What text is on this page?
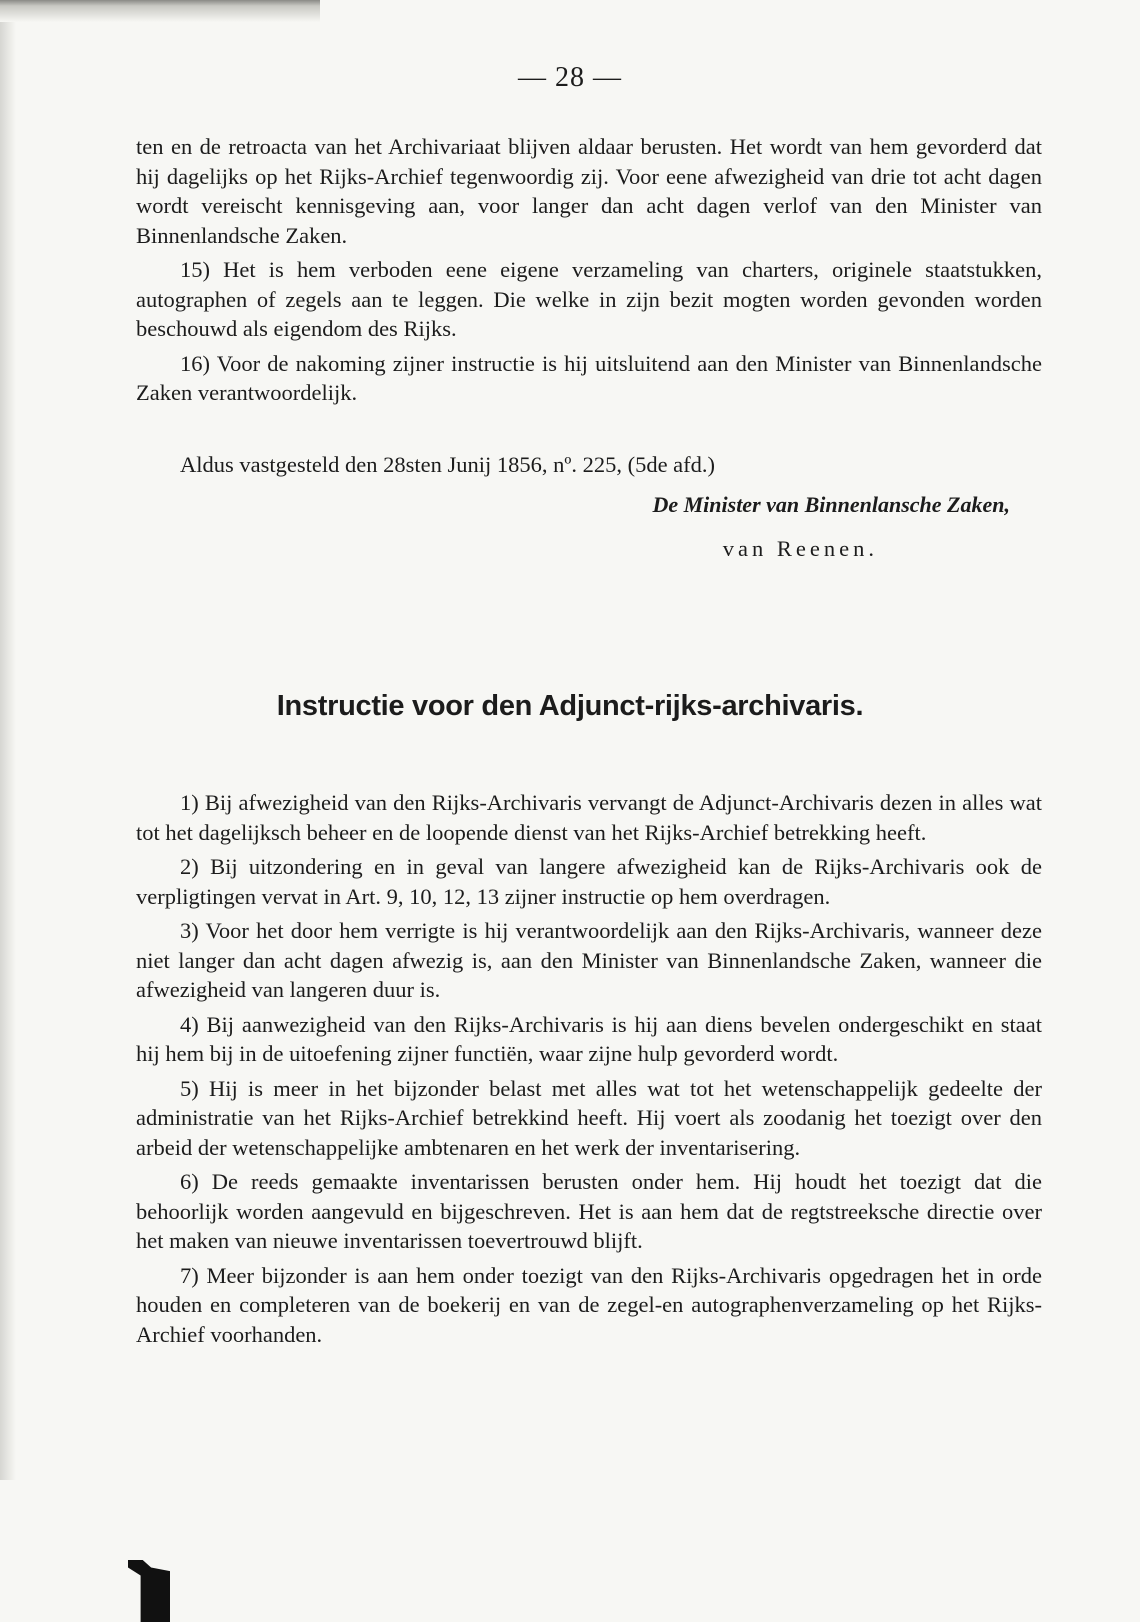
— 28 —

ten en de retroacta van het Archivariaat blijven aldaar berusten. Het wordt van hem gevorderd dat hij dagelijks op het Rijks-Archief tegenwoordig zij. Voor eene afwezigheid van drie tot acht dagen wordt vereischt kennisgeving aan, voor langer dan acht dagen verlof van den Minister van Binnenlandsche Zaken.

15) Het is hem verboden eene eigene verzameling van charters, originele staatstukken, autographen of zegels aan te leggen. Die welke in zijn bezit mogten worden gevonden worden beschouwd als eigendom des Rijks.

16) Voor de nakoming zijner instructie is hij uitsluitend aan den Minister van Binnenlandsche Zaken verantwoordelijk.

Aldus vastgesteld den 28sten Junij 1856, nº. 225, (5de afd.)
De Minister van Binnenlansche Zaken,
van Reenen.
Instructie voor den Adjunct-rijks-archivaris.

1) Bij afwezigheid van den Rijks-Archivaris vervangt de Adjunct-Archivaris dezen in alles wat tot het dagelijksch beheer en de loopende dienst van het Rijks-Archief betrekking heeft.

2) Bij uitzondering en in geval van langere afwezigheid kan de Rijks-Archivaris ook de verpligtingen vervat in Art. 9, 10, 12, 13 zijner instructie op hem overdragen.

3) Voor het door hem verrigte is hij verantwoordelijk aan den Rijks-Archivaris, wanneer deze niet langer dan acht dagen afwezig is, aan den Minister van Binnenlandsche Zaken, wanneer die afwezigheid van langeren duur is.

4) Bij aanwezigheid van den Rijks-Archivaris is hij aan diens bevelen ondergeschikt en staat hij hem bij in de uitoefening zijner functiën, waar zijne hulp gevorderd wordt.

5) Hij is meer in het bijzonder belast met alles wat tot het wetenschappelijk gedeelte der administratie van het Rijks-Archief betrekkind heeft. Hij voert als zoodanig het toezigt over den arbeid der wetenschappelijke ambtenaren en het werk der inventarisering.

6) De reeds gemaakte inventarissen berusten onder hem. Hij houdt het toezigt dat die behoorlijk worden aangevuld en bijgeschreven. Het is aan hem dat de regtstreeksche directie over het maken van nieuwe inventarissen toevertrouwd blijft.

7) Meer bijzonder is aan hem onder toezigt van den Rijks-Archivaris opgedragen het in orde houden en completeren van de boekerij en van de zegel-en autographenverzameling op het Rijks-Archief voorhanden.
